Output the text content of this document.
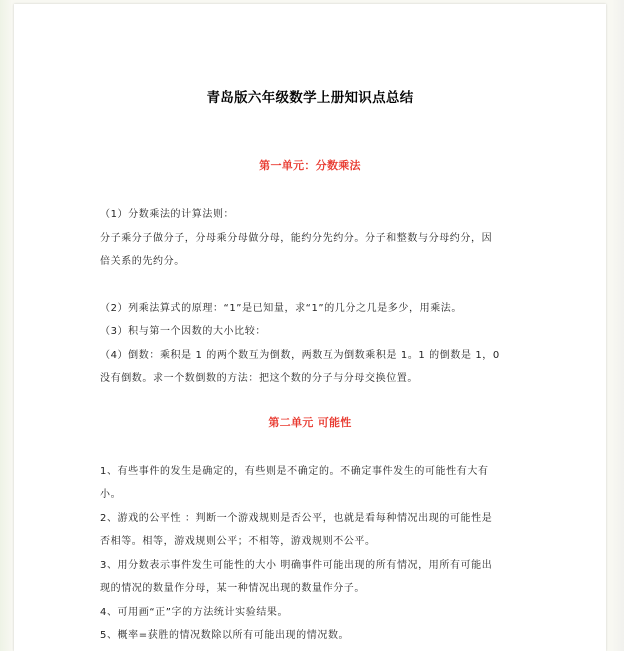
青岛版六年级数学上册知识点总结
第一单元：分数乘法
（1）分数乘法的计算法则：
分子乘分子做分子，分母乘分母做分母，能约分先约分。分子和整数与分母约分，因
倍关系的先约分。
（2）列乘法算式的原理：“1”是已知量，求“1”的几分之几是多少，用乘法。
（3）积与第一个因数的大小比较：
（4）倒数：乘积是 1 的两个数互为倒数，两数互为倒数乘积是 1。1 的倒数是 1，0
没有倒数。求一个数倒数的方法：把这个数的分子与分母交换位置。
第二单元 可能性
1、有些事件的发生是确定的，有些则是不确定的。不确定事件发生的可能性有大有
小。
2、游戏的公平性 ：判断一个游戏规则是否公平，也就是看每种情况出现的可能性是
否相等。相等，游戏规则公平；不相等，游戏规则不公平。
3、用分数表示事件发生可能性的大小 明确事件可能出现的所有情况，用所有可能出
现的情况的数量作分母，某一种情况出现的数量作分子。
4、可用画“正”字的方法统计实验结果。
5、概率=获胜的情况数除以所有可能出现的情况数。
